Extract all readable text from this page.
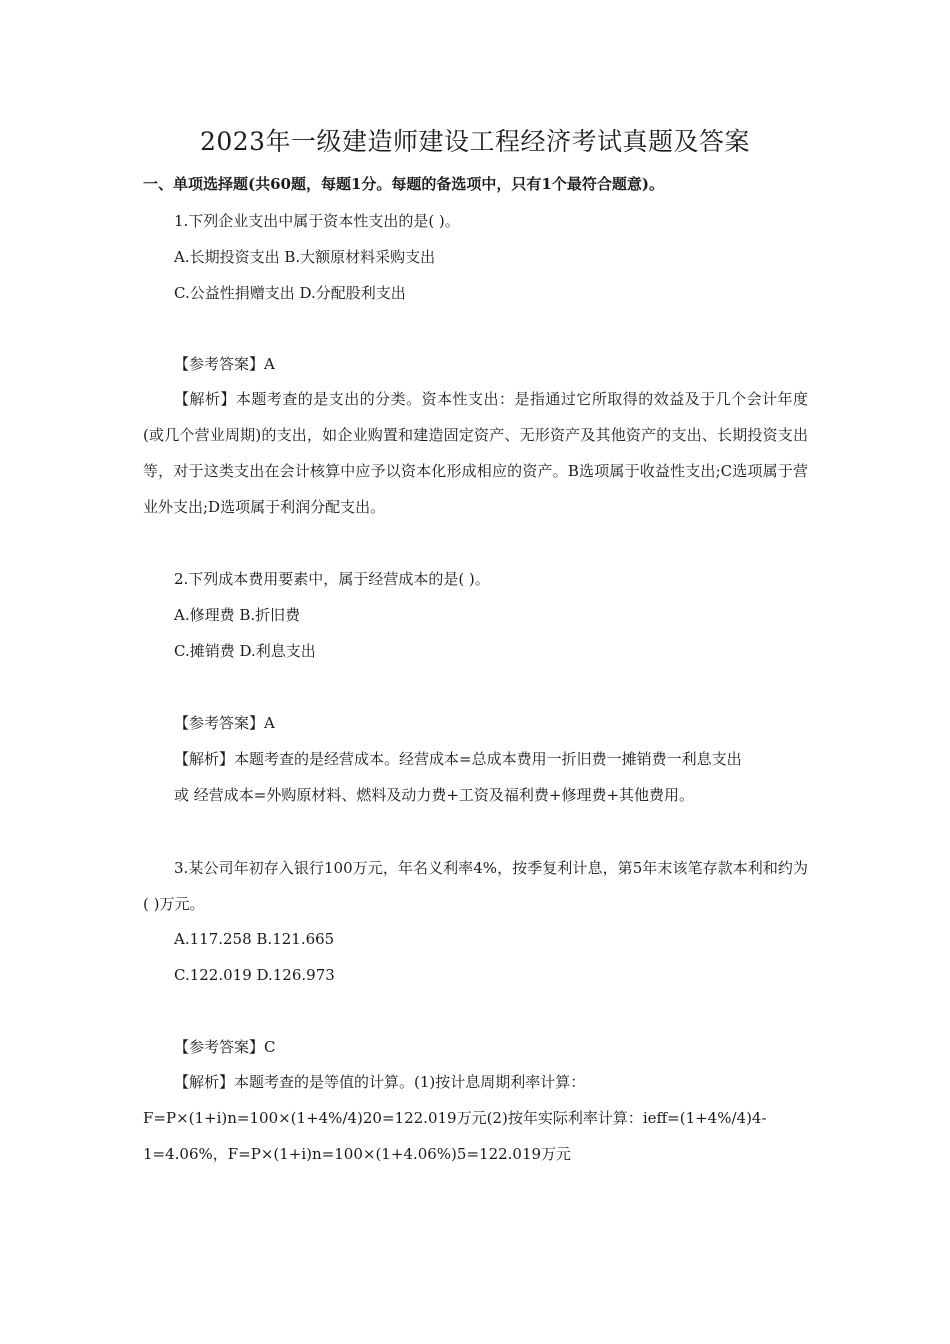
2023年一级建造师建设工程经济考试真题及答案

一、单项选择题(共60题，每题1分。每题的备选项中，只有1个最符合题意)。

1.下列企业支出中属于资本性支出的是( )。

A.长期投资支出 B.大额原材料采购支出

C.公益性捐赠支出 D.分配股利支出

【参考答案】A

【解析】本题考查的是支出的分类。资本性支出：是指通过它所取得的效益及于几个会计年度(或几个营业周期)的支出，如企业购置和建造固定资产、无形资产及其他资产的支出、长期投资支出等，对于这类支出在会计核算中应予以资本化形成相应的资产。B选项属于收益性支出;C选项属于营业外支出;D选项属于利润分配支出。

2.下列成本费用要素中，属于经营成本的是( )。

A.修理费 B.折旧费

C.摊销费 D.利息支出

【参考答案】A

【解析】本题考查的是经营成本。经营成本=总成本费用一折旧费一摊销费一利息支出

或 经营成本=外购原材料、燃料及动力费+工资及福利费+修理费+其他费用。

3.某公司年初存入银行100万元，年名义利率4%，按季复利计息，第5年末该笔存款本利和约为( )万元。

A.117.258 B.121.665

C.122.019 D.126.973

【参考答案】C

【解析】本题考查的是等值的计算。(1)按计息周期利率计算：

F=P×(1+i)n=100×(1+4%/4)20=122.019万元(2)按年实际利率计算：ieff=(1+4%/4)4-

1=4.06%，F=P×(1+i)n=100×(1+4.06%)5=122.019万元
